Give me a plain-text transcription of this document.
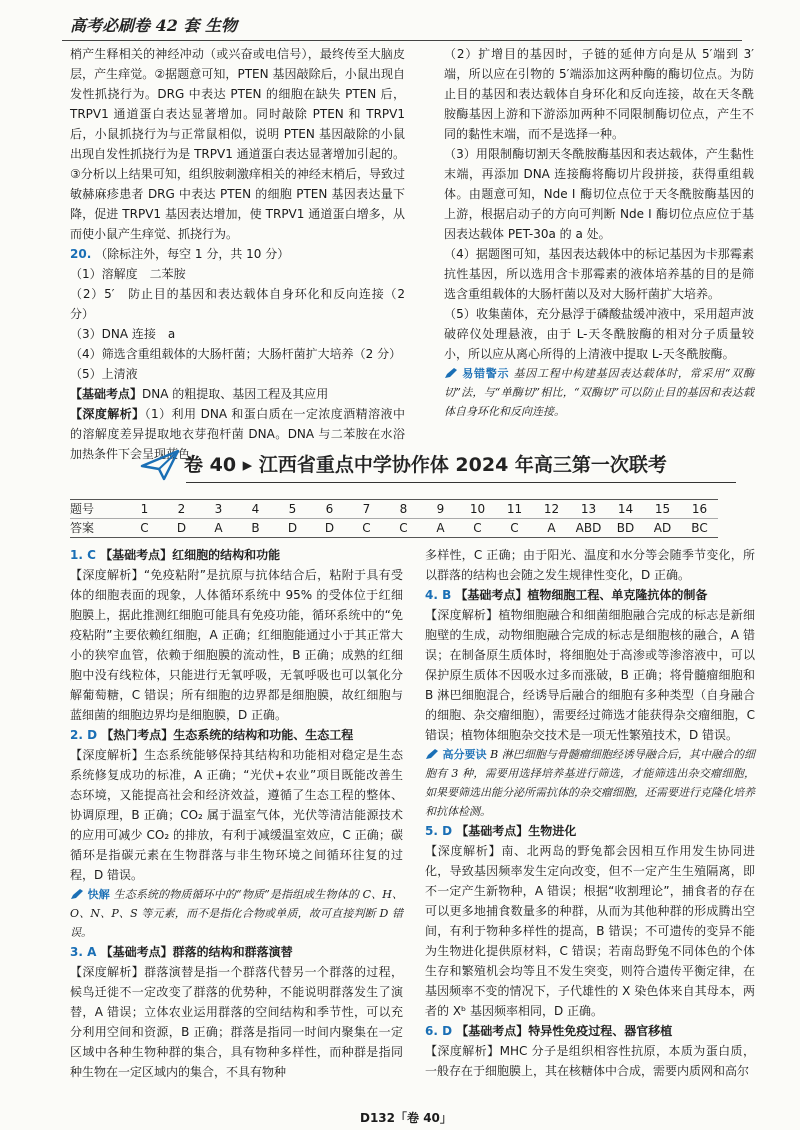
高考必刷卷 42 套 生物

梢产生释相关的神经冲动（或兴奋或电信号），最终传至大脑皮层，产生痒觉。②据题意可知，PTEN 基因敲除后，小鼠出现自发性抓挠行为。DRG 中表达 PTEN 的细胞在缺失 PTEN 后，TRPV1 通道蛋白表达显著增加。同时敲除 PTEN 和 TRPV1 后，小鼠抓挠行为与正常鼠相似，说明 PTEN 基因敲除的小鼠出现自发性抓挠行为是 TRPV1 通道蛋白表达显著增加引起的。③分析以上结果可知，组织胺刺激痒相关的神经末梢后，导致过敏赫麻疹患者 DRG 中表达 PTEN 的细胞 PTEN 基因表达量下降，促进 TRPV1 基因表达增加，使 TRPV1 通道蛋白增多，从而使小鼠产生痒觉、抓挠行为。

20. （除标注外，每空 1 分，共 10 分）

（1）溶解度　二苯胺

（2）5′　防止目的基因和表达载体自身环化和反向连接（2 分）

（3）DNA 连接　a

（4）筛选含重组载体的大肠杆菌；大肠杆菌扩大培养（2 分）

（5）上清液

【基础考点】DNA 的粗提取、基因工程及其应用

【深度解析】（1）利用 DNA 和蛋白质在一定浓度酒精溶液中的溶解度差异提取地衣芽孢杆菌 DNA。DNA 与二苯胺在水浴加热条件下会呈现蓝色。

（2）扩增目的基因时，子链的延伸方向是从 5′端到 3′端，所以应在引物的 5′端添加这两种酶的酶切位点。为防止目的基因和表达载体自身环化和反向连接，故在天冬酰胺酶基因上游和下游添加两种不同限制酶切位点，产生不同的黏性末端，而不是选择一种。

（3）用限制酶切割天冬酰胺酶基因和表达载体，产生黏性末端，再添加 DNA 连接酶将酶切片段拼接，获得重组载体。由题意可知，Nde Ⅰ 酶切位点位于天冬酰胺酶基因的上游，根据启动子的方向可判断 Nde Ⅰ 酶切位点应位于基因表达载体 PET-30a 的 a 处。

（4）据题图可知，基因表达载体中的标记基因为卡那霉素抗性基因，所以选用含卡那霉素的液体培养基的目的是筛选含重组载体的大肠杆菌以及对大肠杆菌扩大培养。

（5）收集菌体，充分悬浮于磷酸盐缓冲液中，采用超声波破碎仪处理悬液，由于 L-天冬酰胺酶的相对分子质量较小，所以应从离心所得的上清液中提取 L-天冬酰胺酶。

易错警示 基因工程中构建基因表达载体时，常采用“双酶切”法，与“单酶切”相比，“双酶切”可以防止目的基因和表达载体自身环化和反向连接。

卷 40 ▸ 江西省重点中学协作体 2024 年高三第一次联考
题号	1	2	3	4	5	6	7	8	9	10	11	12	13	14	15	16
答案	C	D	A	B	D	D	C	C	A	C	C	A	ABD	BD	AD	BC

1. C 【基础考点】红细胞的结构和功能

【深度解析】“免疫粘附”是抗原与抗体结合后，粘附于具有受体的细胞表面的现象，人体循环系统中 95% 的受体位于红细胞膜上，据此推测红细胞可能具有免疫功能，循环系统中的“免疫粘附”主要依赖红细胞，A 正确；红细胞能通过小于其正常大小的狭窄血管，依赖于细胞膜的流动性，B 正确；成熟的红细胞中没有线粒体，只能进行无氧呼吸，无氧呼吸也可以氧化分解葡萄糖，C 错误；所有细胞的边界都是细胞膜，故红细胞与蓝细菌的细胞边界均是细胞膜，D 正确。

2. D 【热门考点】生态系统的结构和功能、生态工程

【深度解析】生态系统能够保持其结构和功能相对稳定是生态系统修复成功的标准，A 正确；“光伏+农业”项目既能改善生态环境，又能提高社会和经济效益，遵循了生态工程的整体、协调原理，B 正确；CO₂ 属于温室气体，光伏等清洁能源技术的应用可减少 CO₂ 的排放，有利于减缓温室效应，C 正确；碳循环是指碳元素在生物群落与非生物环境之间循环往复的过程，D 错误。

快解 生态系统的物质循环中的“物质”是指组成生物体的 C、H、O、N、P、S 等元素，而不是指化合物或单质，故可直接判断 D 错误。

3. A 【基础考点】群落的结构和群落演替

【深度解析】群落演替是指一个群落代替另一个群落的过程，候鸟迁徙不一定改变了群落的优势种，不能说明群落发生了演替，A 错误；立体农业运用群落的空间结构和季节性，可以充分利用空间和资源，B 正确；群落是指同一时间内聚集在一定区域中各种生物种群的集合，具有物种多样性，而种群是指同种生物在一定区域内的集合，不具有物种

多样性，C 正确；由于阳光、温度和水分等会随季节变化，所以群落的结构也会随之发生规律性变化，D 正确。

4. B 【基础考点】植物细胞工程、单克隆抗体的制备

【深度解析】植物细胞融合和细菌细胞融合完成的标志是新细胞壁的生成，动物细胞融合完成的标志是细胞核的融合，A 错误；在制备原生质体时，将细胞处于高渗或等渗溶液中，可以保护原生质体不因吸水过多而涨破，B 正确；将骨髓瘤细胞和 B 淋巴细胞混合，经诱导后融合的细胞有多种类型（自身融合的细胞、杂交瘤细胞），需要经过筛选才能获得杂交瘤细胞，C 错误；植物体细胞杂交技术是一项无性繁殖技术，D 错误。

高分要诀 B 淋巴细胞与骨髓瘤细胞经诱导融合后，其中融合的细胞有 3 种，需要用选择培养基进行筛选，才能筛选出杂交瘤细胞，如果要筛选出能分泌所需抗体的杂交瘤细胞，还需要进行克隆化培养和抗体检测。

5. D 【基础考点】生物进化

【深度解析】南、北两岛的野兔都会因相互作用发生协同进化，导致基因频率发生定向改变，但不一定产生生殖隔离，即不一定产生新物种，A 错误；根据“收割理论”，捕食者的存在可以更多地捕食数量多的种群，从而为其他种群的形成腾出空间，有利于物种多样性的提高，B 错误；不可遗传的变异不能为生物进化提供原材料，C 错误；若南岛野兔不同体色的个体生存和繁殖机会均等且不发生突变，则符合遗传平衡定律，在基因频率不变的情况下，子代雄性的 X 染色体来自其母本，两者的 Xᵇ 基因频率相同，D 正确。

6. D 【基础考点】特异性免疫过程、器官移植

【深度解析】MHC 分子是组织相容性抗原，本质为蛋白质，一般存在于细胞膜上，其在核糖体中合成，需要内质网和高尔

D132「卷 40」
